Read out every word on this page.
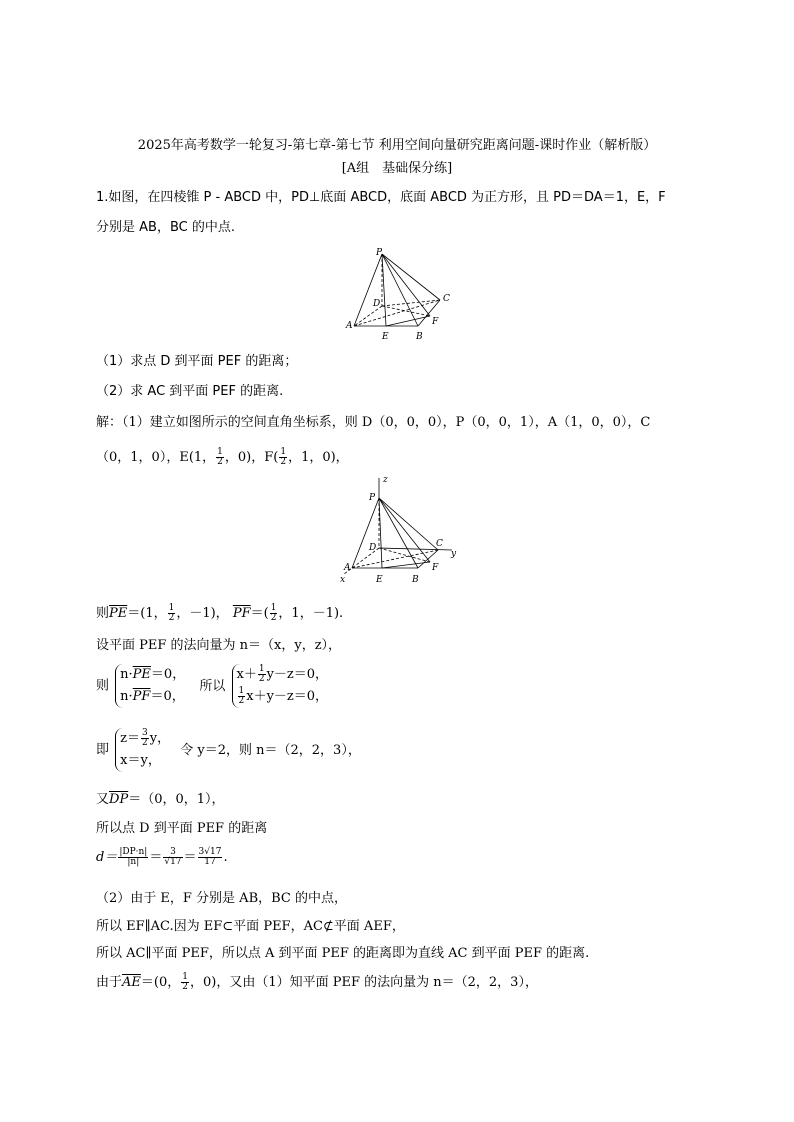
2025年高考数学一轮复习-第七章-第七节 利用空间向量研究距离问题-课时作业（解析版）
[A组　基础保分练]
1.如图，在四棱锥 P - ABCD 中，PD⊥底面 ABCD，底面 ABCD 为正方形，且 PD＝DA＝1，E，F
分别是 AB，BC 的中点.
P
D	C
A
E	B
F
（1）求点 D 到平面 PEF 的距离；
（2）求 AC 到平面 PEF 的距离.
解：（1）建立如图所示的空间直角坐标系，则 D（0，0，0），P（0，0，1），A（1，0，0），C
（0，1，0），E(1， $\frac{1}{2}$ ，0)，$F( \frac{1}{2}$ ，1，0)，
P
z
D	C
y
A
x	E	B
F
则$\overline{PE}=(1$， $\frac{1}{2}$ ，－1)， $\overline{PF}=( \frac{1}{2}$ ，1，－1).
设平面 PEF 的法向量为 n＝（x，y，z），
则
$n\cdot\overline{PE}=0$，
$n\cdot\overline{PF}=0$，
所以
$x+ \frac{1}{2} y-z=0$，
$\frac{1}{2} x+y-z=0$，
即
$z= \frac{3}{2}$ y，
x＝y，
令 y＝2，则 n＝（2，2，3），
又$\overline{DP}=(0$，0，1），
所以点 D 到平面 PEF 的距离
$d= \frac{|DP\cdot n|}{|n|} = \frac{3}{√17} = \frac{3√17}{17}$ .
（2）由于 E，F 分别是 AB，BC 的中点，
所以 EF∥AC.因为 EF⊂平面 PEF，AC⊄平面 AEF，
所以 AC∥平面 PEF，所以点 A 到平面 PEF 的距离即为直线 AC 到平面 PEF 的距离.
由于$\overline{AE}=(0$， $\frac{1}{2}$ ，0)，又由（1）知平面 PEF 的法向量为 n＝（2，2，3），
